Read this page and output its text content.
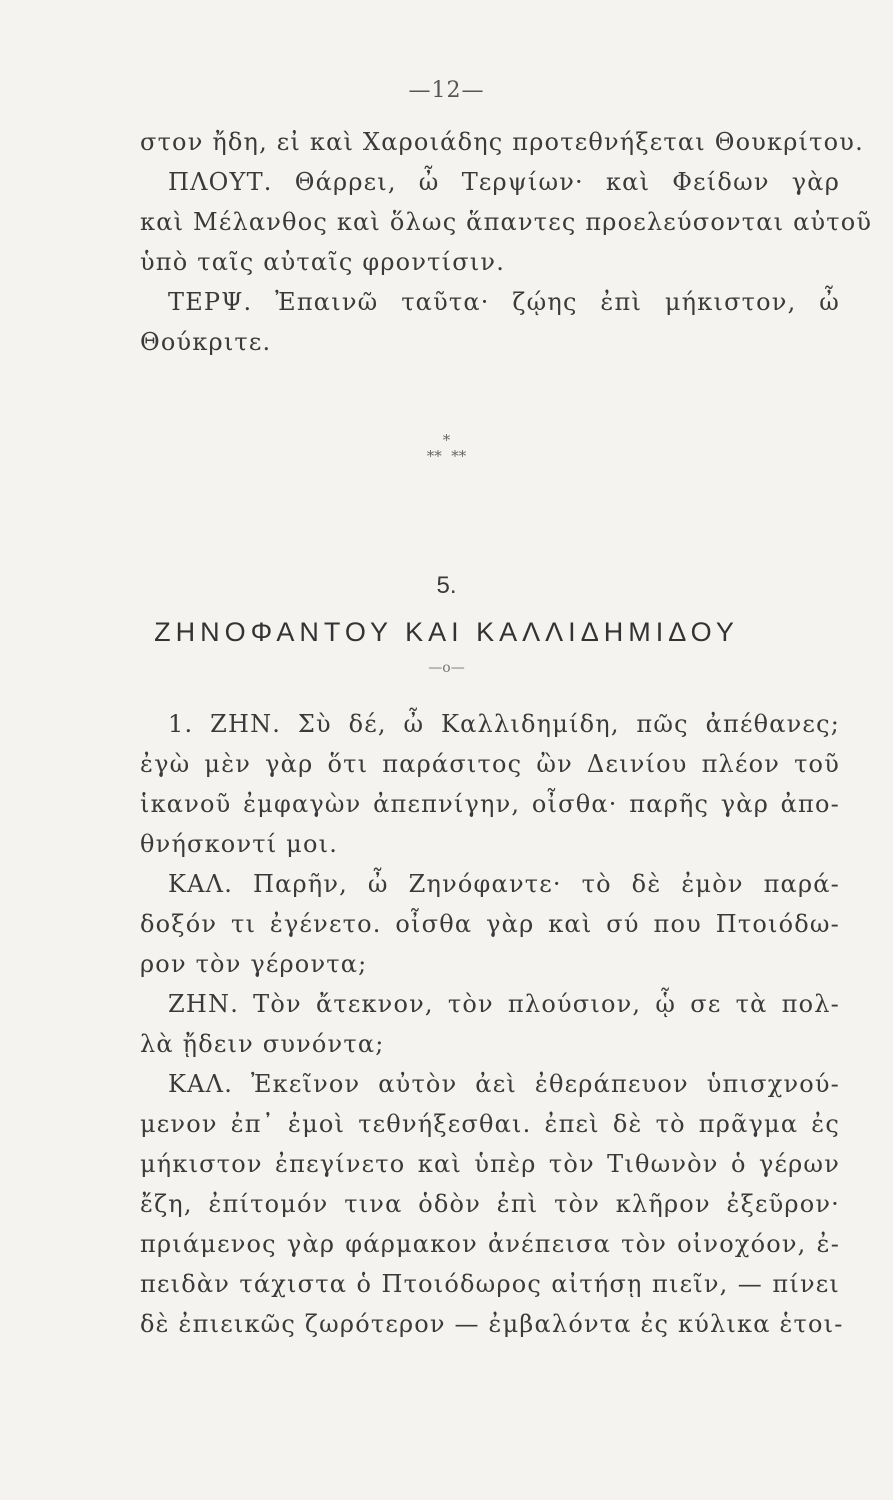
—12—
στον ἤδη, εἰ καὶ Χαροιάδης προτεθνήξεται Θουκρίτου.
ΠΛΟΥΤ. Θάρρει, ὦ Τερψίων· καὶ Φείδων γὰρ
καὶ Μέλανθος καὶ ὅλως ἅπαντες προελεύσονται αὐτοῦ
ὑπὸ ταῖς αὐταῖς φροντίσιν.
ΤΕΡΨ. Ἐπαινῶ ταῦτα· ζῴης ἐπὶ μήκιστον, ὦ
Θούκριτε.
*
**  **
5.
ΖΗΝΟΦΑΝΤΟΥ ΚΑΙ ΚΑΛΛΙΔΗΜΙΔΟΥ
—o—
1. ΖΗΝ. Σὺ δέ, ὦ Καλλιδημίδη, πῶς ἀπέθανες;
ἐγὼ μὲν γὰρ ὅτι παράσιτος ὢν Δεινίου πλέον τοῦ
ἱκανοῦ ἐμφαγὼν ἀπεπνίγην, οἶσθα· παρῆς γὰρ ἀπο-
θνήσκοντί μοι.
ΚΑΛ. Παρῆν, ὦ Ζηνόφαντε· τὸ δὲ ἐμὸν παρά-
δοξόν τι ἐγένετο. οἶσθα γὰρ καὶ σύ που Πτοιόδω-
ρον τὸν γέροντα;
ΖΗΝ. Τὸν ἄτεκνον, τὸν πλούσιον, ᾧ σε τὰ πολ-
λὰ ᾔδειν συνόντα;
ΚΑΛ. Ἐκεῖνον αὐτὸν ἀεὶ ἐθεράπευον ὑπισχνού-
μενον ἐπ᾽ ἐμοὶ τεθνήξεσθαι. ἐπεὶ δὲ τὸ πρᾶγμα ἐς
μήκιστον ἐπεγίνετο καὶ ὑπὲρ τὸν Τιθωνὸν ὁ γέρων
ἔζη, ἐπίτομόν τινα ὁδὸν ἐπὶ τὸν κλῆρον ἐξεῦρον·
πριάμενος γὰρ φάρμακον ἀνέπεισα τὸν οἰνοχόον, ἐ-
πειδὰν τάχιστα ὁ Πτοιόδωρος αἰτήσῃ πιεῖν, — πίνει
δὲ ἐπιεικῶς ζωρότερον — ἐμβαλόντα ἐς κύλικα ἑτοι-
